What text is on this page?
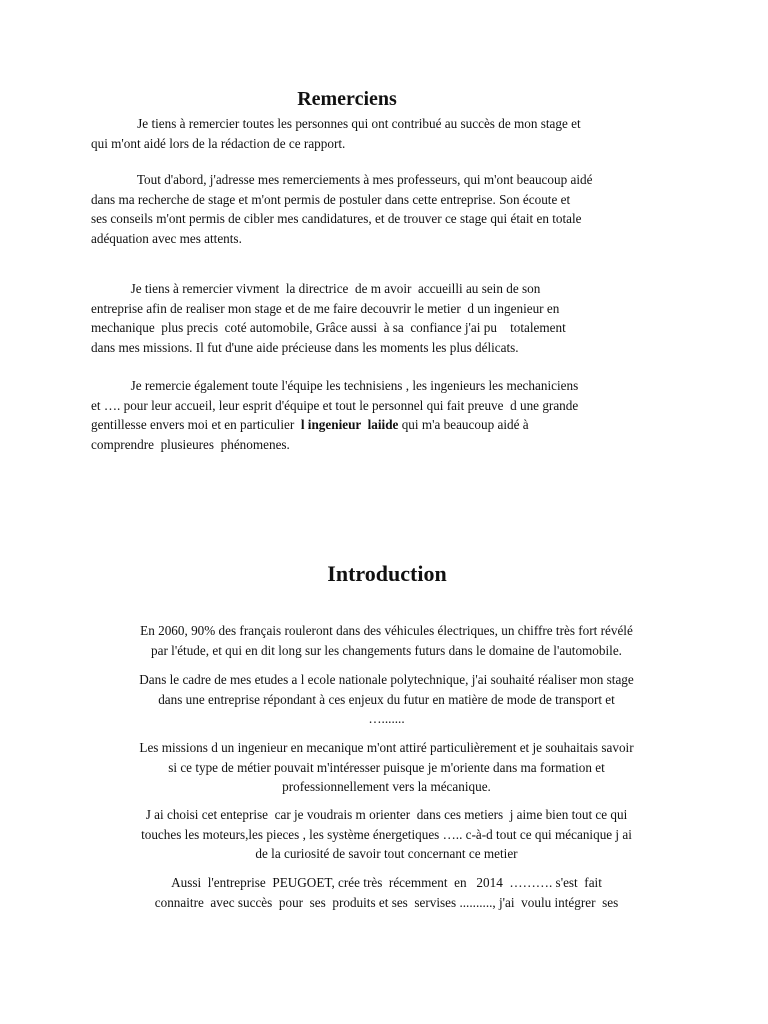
Remerciens

Je tiens à remercier toutes les personnes qui ont contribué au succès de mon stage et
qui m'ont aidé lors de la rédaction de ce rapport.

Tout d'abord, j'adresse mes remerciements à mes professeurs, qui m'ont beaucoup aidé
dans ma recherche de stage et m'ont permis de postuler dans cette entreprise. Son écoute et
ses conseils m'ont permis de cibler mes candidatures, et de trouver ce stage qui était en totale
adéquation avec mes attents.

Je tiens à remercier vivment  la directrice  de m avoir  accueilli au sein de son
entreprise afin de realiser mon stage et de me faire decouvrir le metier  d un ingenieur en
mechanique  plus precis  coté automobile, Grâce aussi  à sa  confiance j'ai pu    totalement
dans mes missions. Il fut d'une aide précieuse dans les moments les plus délicats.

Je remercie également toute l'équipe les technisiens , les ingenieurs les mechaniciens
et …. pour leur accueil, leur esprit d'équipe et tout le personnel qui fait preuve  d une grande
gentillesse envers moi et en particulier  l ingenieur  laiide qui m'a beaucoup aidé à
comprendre  plusieures  phénomenes.

Introduction

En 2060, 90% des français rouleront dans des véhicules électriques, un chiffre très fort révélé
par l'étude, et qui en dit long sur les changements futurs dans le domaine de l'automobile.

Dans le cadre de mes etudes a l ecole nationale polytechnique, j'ai souhaité réaliser mon stage
dans une entreprise répondant à ces enjeux du futur en matière de mode de transport et
….......

Les missions d un ingenieur en mecanique m'ont attiré particulièrement et je souhaitais savoir
si ce type de métier pouvait m'intéresser puisque je m'oriente dans ma formation et
professionnellement vers la mécanique.

J ai choisi cet enteprise  car je voudrais m orienter  dans ces metiers  j aime bien tout ce qui
touches les moteurs,les pieces , les système énergetiques ….. c-à-d tout ce qui mécanique j ai
de la curiosité de savoir tout concernant ce metier

Aussi  l'entreprise  PEUGOET, crée très  récemment  en   2014  ………. s'est  fait
connaitre  avec succès  pour  ses  produits et ses  servises .........., j'ai  voulu intégrer  ses
